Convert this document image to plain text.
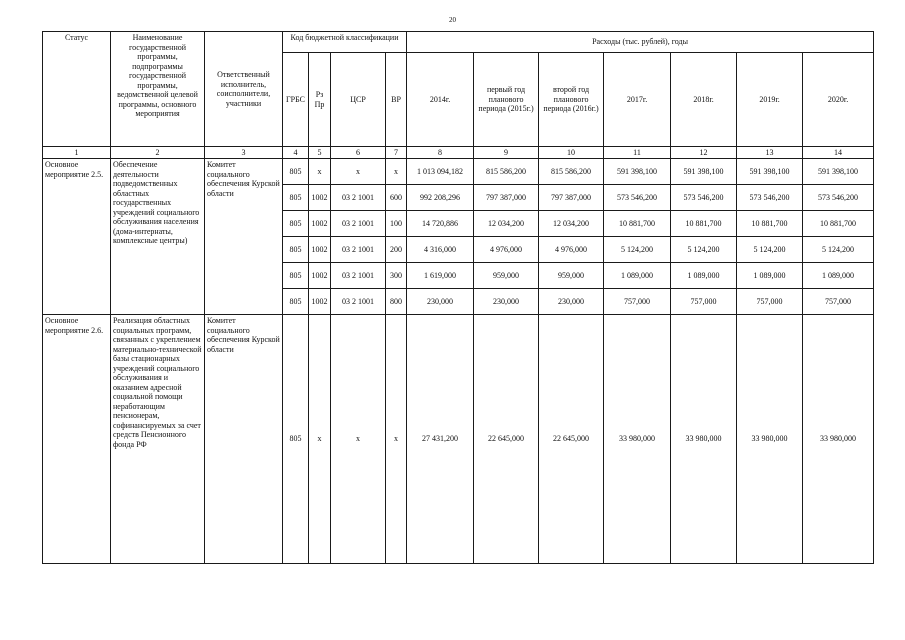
20
Статус	Наименование государственной программы, подпрограммы государственной программы, ведомственной целевой программы, основного мероприятия	Ответственный исполнитель, соисполнители, участники	Код бюджетной классификации				Расходы (тыс. рублей), годы						
			ГРБС	Рз Пр	ЦСР	ВР	2014г.	первый год планового периода (2015г.)	второй год планового периода (2016г.)	2017г.	2018г.	2019г.	2020г.
1	2	3	4	5	6	7	8	9	10	11	12	13	14
Основное мероприятие 2.5.	Обеспечение деятельности подведомственных областных государственных учреждений социального обслуживания населения (дома-интернаты, комплексные центры)	Комитет социального обеспечения Курской области	805	х	х	х	1 013 094,182	815 586,200	815 586,200	591 398,100	591 398,100	591 398,100	591 398,100
			805	1002	03 2 1001	600	992 208,296	797 387,000	797 387,000	573 546,200	573 546,200	573 546,200	573 546,200
			805	1002	03 2 1001	100	14 720,886	12 034,200	12 034,200	10 881,700	10 881,700	10 881,700	10 881,700
			805	1002	03 2 1001	200	4 316,000	4 976,000	4 976,000	5 124,200	5 124,200	5 124,200	5 124,200
			805	1002	03 2 1001	300	1 619,000	959,000	959,000	1 089,000	1 089,000	1 089,000	1 089,000
			805	1002	03 2 1001	800	230,000	230,000	230,000	757,000	757,000	757,000	757,000
Основное мероприятие 2.6.	Реализация областных социальных программ, связанных с укреплением материально-технической базы стационарных учреждений социального обслуживания и оказанием адресной социальной помощи неработающим пенсионерам, софинансируемых за счет средств Пенсионного фонда РФ	Комитет социального обеспечения Курской области	805	х	х	х	27 431,200	22 645,000	22 645,000	33 980,000	33 980,000	33 980,000	33 980,000
